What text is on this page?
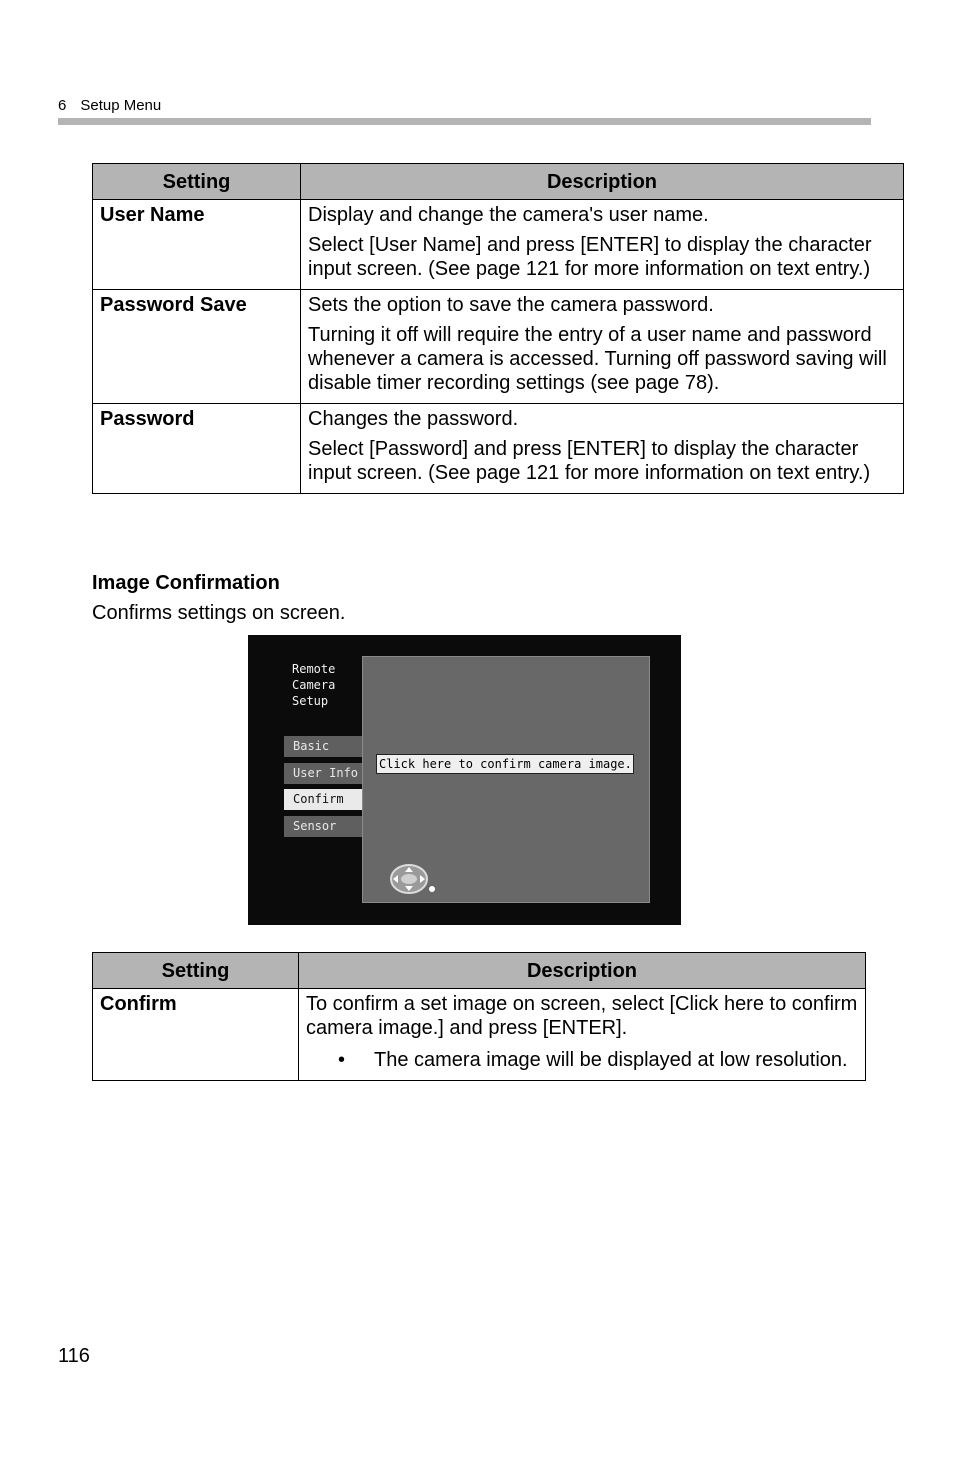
6 Setup Menu
Setting	Description
User Name	Display and change the camera's user name.

Select [User Name] and press [ENTER] to display the character input screen. (See page 121 for more information on text entry.)

Password Save	Sets the option to save the camera password.

Turning it off will require the entry of a user name and password whenever a camera is accessed. Turning off password saving will disable timer recording settings (see page 78).

Password	Changes the password.

Select [Password] and press [ENTER] to display the character input screen. (See page 121 for more information on text entry.)

Image Confirmation
Confirms settings on screen.
Remote
Camera
Setup
Basic
User Info
Confirm
Sensor
Click here to confirm camera image.
Setting	Description
Confirm	To confirm a set image on screen, select [Click here to confirm camera image.] and press [ENTER].

• The camera image will be displayed at low resolution.
116
